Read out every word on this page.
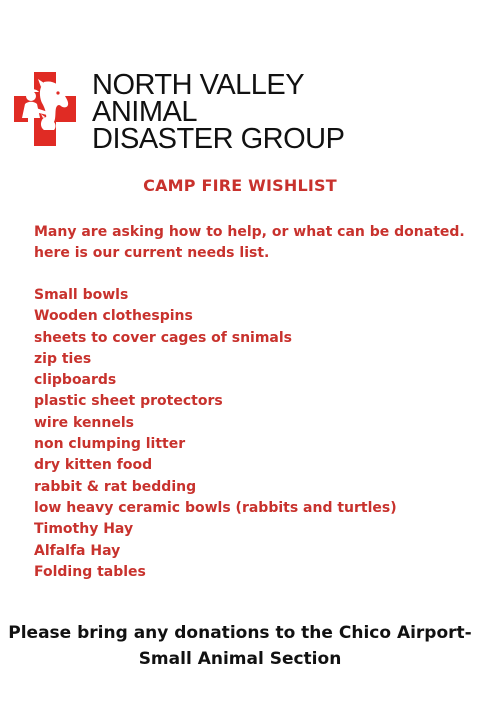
NORTH VALLEY
ANIMAL
DISASTER GROUP
CAMP FIRE WISHLIST
Many are asking how to help, or what can be donated.
here is our current needs list.
Small bowls
Wooden clothespins
sheets to cover cages of snimals
zip ties
clipboards
plastic sheet protectors
wire kennels
non clumping litter
dry kitten food
rabbit & rat bedding
low heavy ceramic bowls (rabbits and turtles)
Timothy Hay
Alfalfa Hay
Folding tables
Please bring any donations to the Chico Airport-
Small Animal Section
